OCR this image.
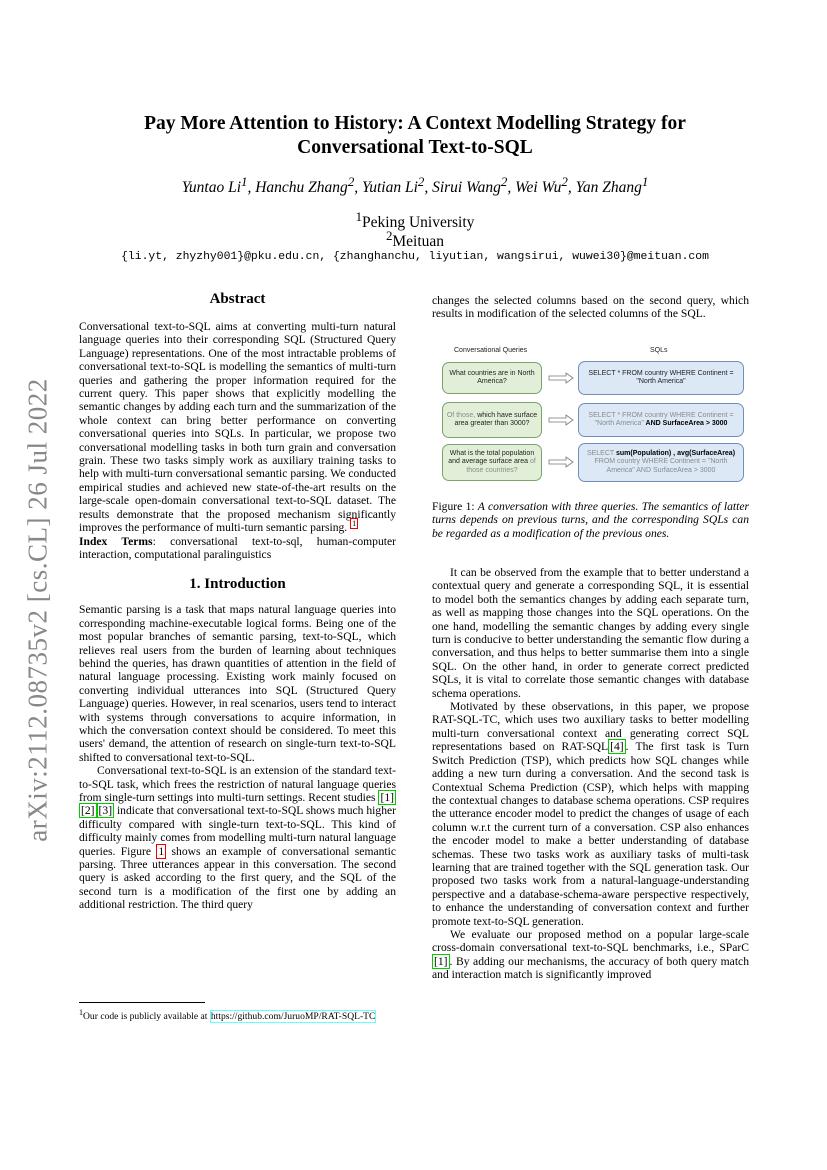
arXiv:2112.08735v2 [cs.CL] 26 Jul 2022
Pay More Attention to History: A Context Modelling Strategy for
Conversational Text-to-SQL
Yuntao Li$^1$, Hanchu Zhang$^2$, Yutian Li$^2$, Sirui Wang$^2$, Wei Wu$^2$, Yan Zhang$^1$
$^1$Peking University
$^2$Meituan
{li.yt, zhyzhy001}@pku.edu.cn, {zhanghanchu, liyutian, wangsirui, wuwei30}@meituan.com
Abstract

Conversational text-to-SQL aims at converting multi-turn natural language queries into their corresponding SQL (Structured Query Language) representations. One of the most intractable problems of conversational text-to-SQL is modelling the semantics of multi-turn queries and gathering the proper information required for the current query. This paper shows that explicitly modelling the semantic changes by adding each turn and the summarization of the whole context can bring better performance on converting conversational queries into SQLs. In particular, we propose two conversational modelling tasks in both turn grain and conversation grain. These two tasks simply work as auxiliary training tasks to help with multi-turn conversational semantic parsing. We conducted empirical studies and achieved new state-of-the-art results on the large-scale open-domain conversational text-to-SQL dataset. The results demonstrate that the proposed mechanism significantly improves the performance of multi-turn semantic parsing. $^1$

Index Terms: conversational text-to-sql, human-computer interaction, computational paralinguistics

1. Introduction

Semantic parsing is a task that maps natural language queries into corresponding machine-executable logical forms. Being one of the most popular branches of semantic parsing, text-to-SQL, which relieves real users from the burden of learning about techniques behind the queries, has drawn quantities of attention in the field of natural language processing. Existing work mainly focused on converting individual utterances into SQL (Structured Query Language) queries. However, in real scenarios, users tend to interact with systems through conversations to acquire information, in which the conversation context should be considered. To meet this users' demand, the attention of research on single-turn text-to-SQL shifted to conversational text-to-SQL.

Conversational text-to-SQL is an extension of the standard text-to-SQL task, which frees the restriction of natural language queries from single-turn settings into multi-turn settings. Recent studies [1][2] [3] indicate that conversational text-to-SQL shows much higher difficulty compared with single-turn text-to-SQL. This kind of difficulty mainly comes from modelling multi-turn natural language queries. Figure 1 shows an example of conversational semantic parsing. Three utterances appear in this conversation. The second query is asked according to the first query, and the SQL of the second turn is a modification of the first one by adding an additional restriction. The third query

$^1$Our code is publicly available at https://github.com/JuruoMP/RAT-SQL-TC
changes the selected columns based on the second query, which results in modification of the selected columns of the SQL.
Conversational Queries	SQLs
What countries are in North America?
SELECT * FROM country WHERE Continent = "North America"
Of those, which have surface area greater than 3000?
SELECT * FROM country WHERE Continent = "North America" AND SurfaceArea > 3000
What is the total population and average surface area of those countries?
SELECT sum(Population) , avg(SurfaceArea) FROM country WHERE Continent = "North America" AND SurfaceArea > 3000
Figure 1: A conversation with three queries. The semantics of latter turns depends on previous turns, and the corresponding SQLs can be regarded as a modification of the previous ones.

It can be observed from the example that to better understand a contextual query and generate a corresponding SQL, it is essential to model both the semantics changes by adding each separate turn, as well as mapping those changes into the SQL operations. On the one hand, modelling the semantic changes by adding every single turn is conducive to better understanding the semantic flow during a conversation, and thus helps to better summarise them into a single SQL. On the other hand, in order to generate correct predicted SQLs, it is vital to correlate those semantic changes with database schema operations.

Motivated by these observations, in this paper, we propose RAT-SQL-TC, which uses two auxiliary tasks to better modelling multi-turn conversational context and generating correct SQL representations based on RAT-SQL [4] . The first task is Turn Switch Prediction (TSP), which predicts how SQL changes while adding a new turn during a conversation. And the second task is Contextual Schema Prediction (CSP), which helps with mapping the contextual changes to database schema operations. CSP requires the utterance encoder model to predict the changes of usage of each column w.r.t the current turn of a conversation. CSP also enhances the encoder model to make a better understanding of database schemas. These two tasks work as auxiliary tasks of multi-task learning that are trained together with the SQL generation task. Our proposed two tasks work from a natural-language-understanding perspective and a database-schema-aware perspective respectively, to enhance the understanding of conversation context and further promote text-to-SQL generation.

We evaluate our proposed method on a popular large-scale cross-domain conversational text-to-SQL benchmarks, i.e., SParC [1] . By adding our mechanisms, the accuracy of both query match and interaction match is significantly improved
